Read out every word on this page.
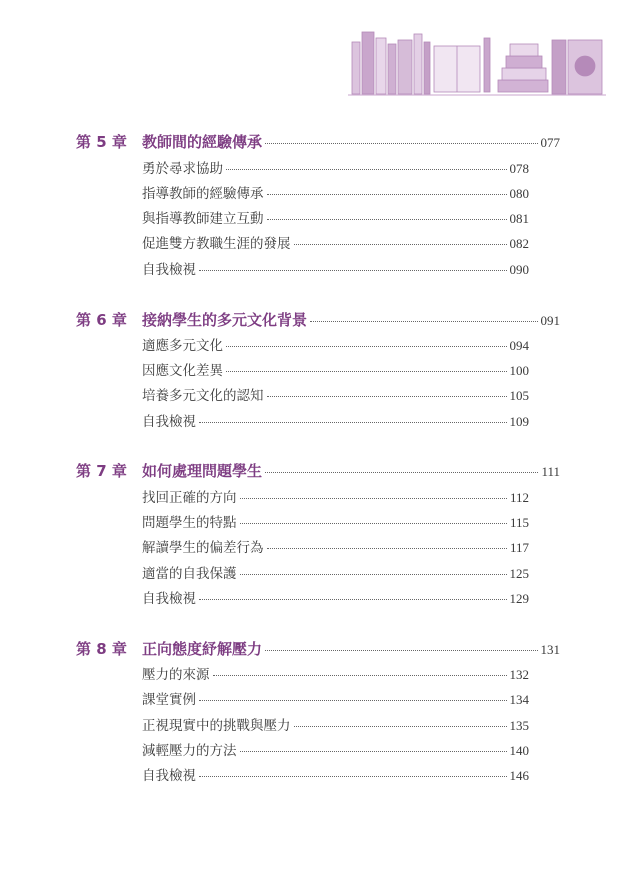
第 5 章	教師間的經驗傳承	077
勇於尋求協助	078
指導教師的經驗傳承	080
與指導教師建立互動	081
促進雙方教職生涯的發展	082
自我檢視	090
第 6 章	接納學生的多元文化背景	091
適應多元文化	094
因應文化差異	100
培養多元文化的認知	105
自我檢視	109
第 7 章	如何處理問題學生	111
找回正確的方向	112
問題學生的特點	115
解讀學生的偏差行為	117
適當的自我保護	125
自我檢視	129
第 8 章	正向態度紓解壓力	131
壓力的來源	132
課堂實例	134
正視現實中的挑戰與壓力	135
減輕壓力的方法	140
自我檢視	146
